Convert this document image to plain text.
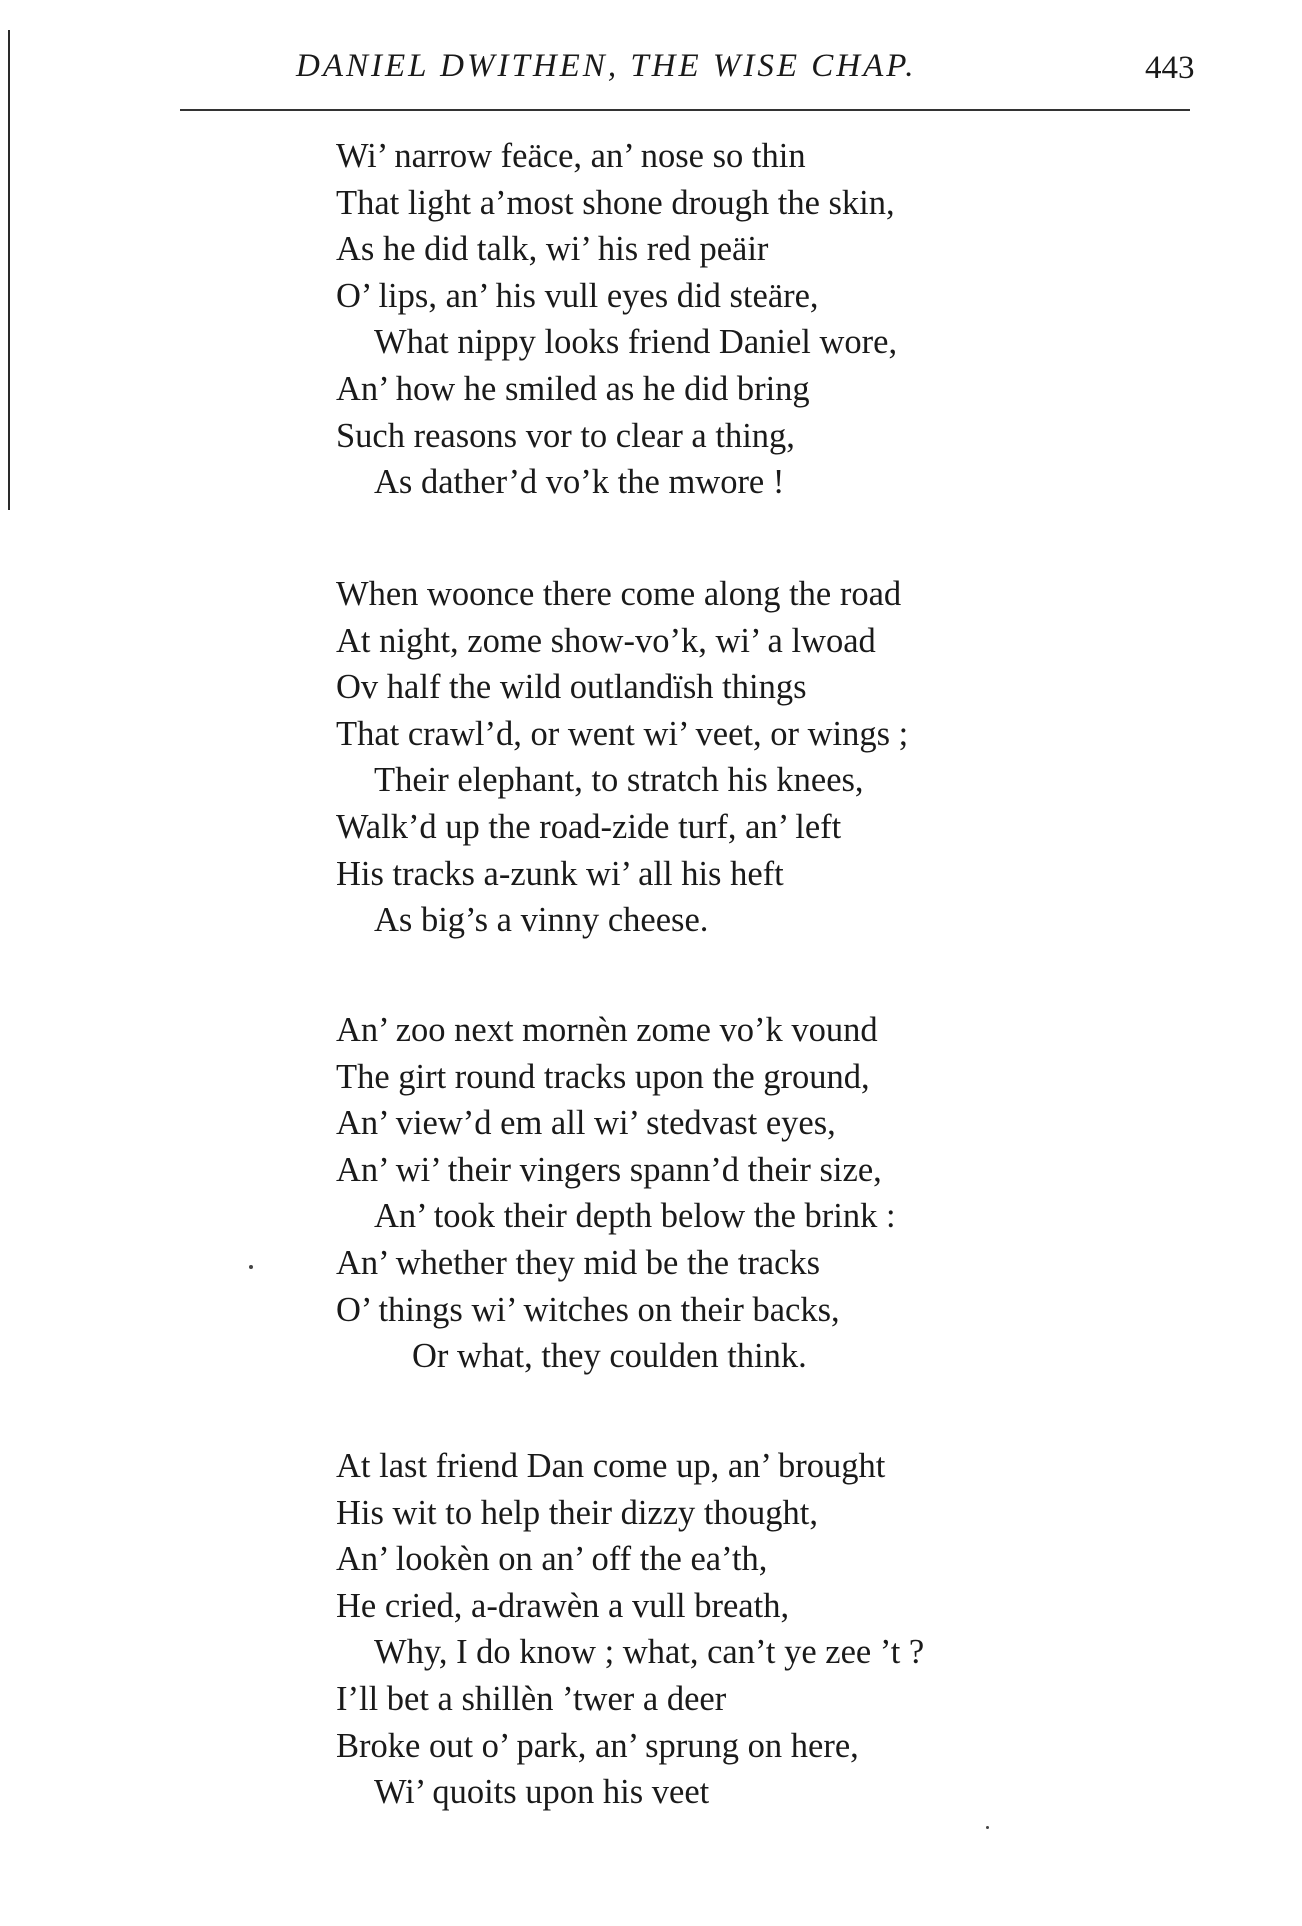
DANIEL DWITHEN, THE WISE CHAP.	443
Wi’ narrow feäce, an’ nose so thin
That light a’most shone drough the skin,
As he did talk, wi’ his red peäir
O’ lips, an’ his vull eyes did steäre,
What nippy looks friend Daniel wore,
An’ how he smiled as he did bring
Such reasons vor to clear a thing,
As dather’d vo’k the mwore !
When woonce there come along the road
At night, zome show-vo’k, wi’ a lwoad
Ov half the wild outlandïsh things
That crawl’d, or went wi’ veet, or wings ;
Their elephant, to stratch his knees,
Walk’d up the road-zide turf, an’ left
His tracks a-zunk wi’ all his heft
As big’s a vinny cheese.
An’ zoo next mornèn zome vo’k vound
The girt round tracks upon the ground,
An’ view’d em all wi’ stedvast eyes,
An’ wi’ their vingers spann’d their size,
An’ took their depth below the brink :
An’ whether they mid be the tracks
O’ things wi’ witches on their backs,
Or what, they coulden think.
At last friend Dan come up, an’ brought
His wit to help their dizzy thought,
An’ lookèn on an’ off the ea’th,
He cried, a-drawèn a vull breath,
Why, I do know ; what, can’t ye zee ’t ?
I’ll bet a shillèn ’twer a deer
Broke out o’ park, an’ sprung on here,
Wi’ quoits upon his veet
